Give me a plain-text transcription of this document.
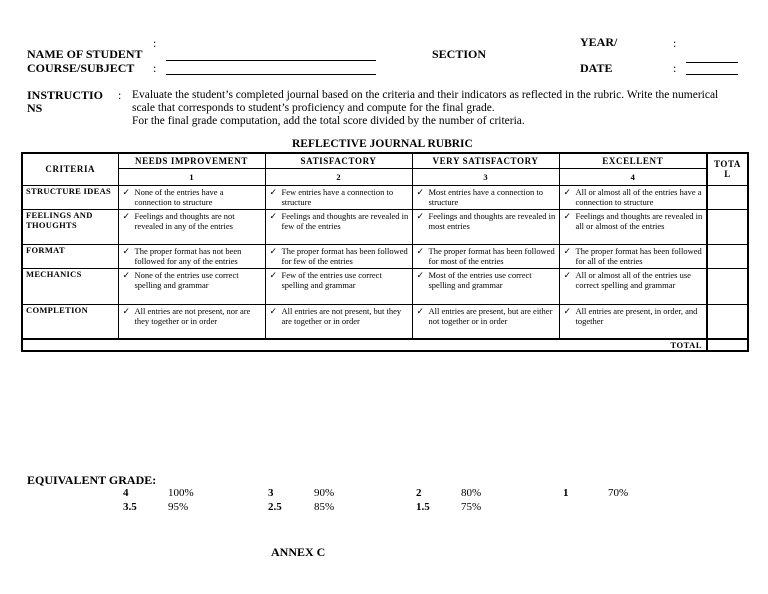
:
NAME OF STUDENT
COURSE/SUBJECT :
SECTION
YEAR/	:
DATE	:
INSTRUCTIO
NS
: Evaluate the student’s completed journal based on the criteria and their indicators as reflected in the rubric. Write the numerical
scale that corresponds to student’s proficiency and compute for the final grade.
For the final grade computation, add the total score divided by the number of criteria.
REFLECTIVE JOURNAL RUBRIC
CRITERIA	NEEDS IMPROVEMENT	SATISFACTORY	VERY SATISFACTORY	EXCELLENT	TOTA
L
	1	2	3	4	
STRUCTURE IDEAS	✓ None of the entries have a connection to structure	✓ Few entries have a connection to structure	✓ Most entries have a connection to structure	✓ All or almost all of the entries have a connection to structure	
FEELINGS AND THOUGHTS	✓ Feelings and thoughts are not revealed in any of the entries	✓ Feelings and thoughts are revealed in few of the entries	✓ Feelings and thoughts are revealed in most entries	✓ Feelings and thoughts are revealed in all or almost of the entries	
FORMAT	✓ The proper format has not been followed for any of the entries	✓ The proper format has been followed for few of the entries	✓ The proper format has been followed for most of the entries	✓ The proper format has been followed for all of the entries	
MECHANICS	✓ None of the entries use correct spelling and grammar	✓ Few of the entries use correct spelling and grammar	✓ Most of the entries use correct spelling and grammar	✓ All or almost all of the entries use correct spelling and grammar	
COMPLETION	✓ All entries are not present, nor are they together or in order	✓ All entries are not present, but they are together or in order	✓ All entries are present, but are either not together or in order	✓ All entries are present, in order, and together	
TOTAL					
EQUIVALENT GRADE:
4	100%	3	90%	2	80%	1	70%
3.5	95%	2.5	85%	1.5	75%
ANNEX C
